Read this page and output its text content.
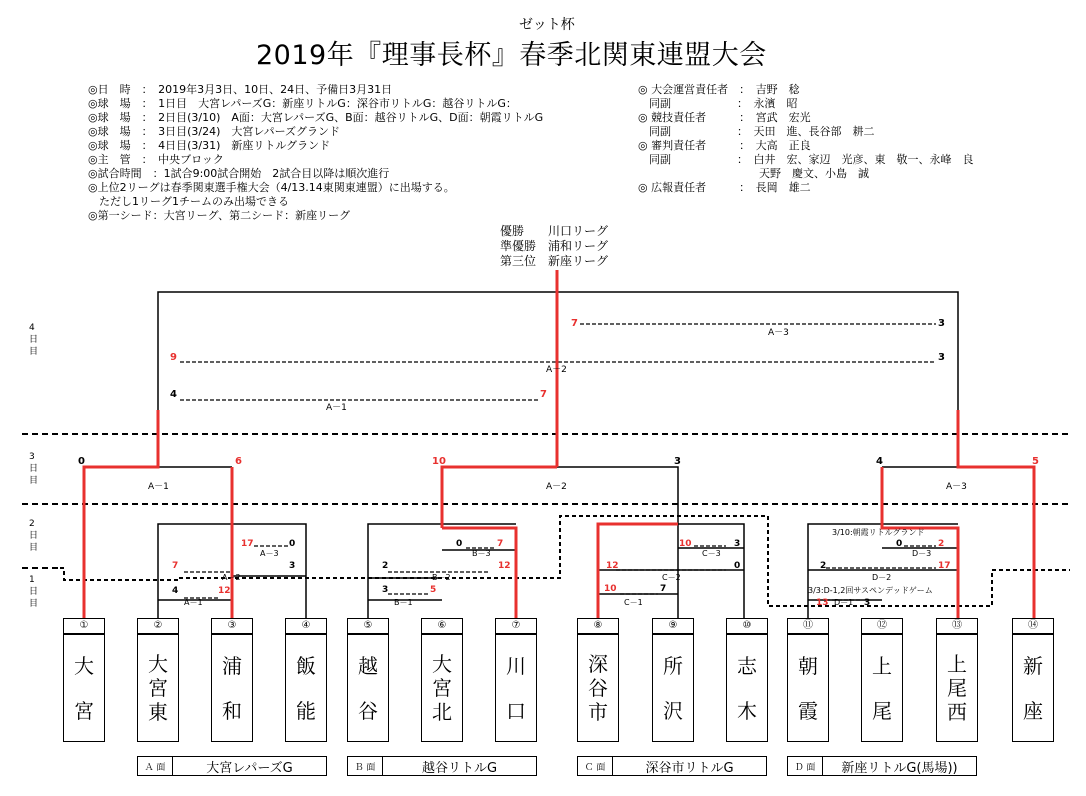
ゼット杯
2019年『理事長杯』春季北関東連盟大会
◎日　時　：　2019年3月3日、10日、24日、予備日3月31日
◎球　場　：　1日目　大宮レパーズG：新座リトルG：深谷市リトルG：越谷リトルG：
◎球　場　：　2日目(3/10)　A面：大宮レパーズG、B面：越谷リトルG、D面：朝霞リトルG
◎球　場　：　3日目(3/24)　大宮レパーズグランド
◎球　場　：　4日目(3/31)　新座リトルグランド
◎主　管　：　中央ブロック
◎試合時間　：1試合9:00試合開始　2試合目以降は順次進行
◎上位2リーグは春季関東選手権大会（4/13.14東関東連盟）に出場する。
　ただし1リーグ1チームのみ出場できる
◎第一シード：大宮リーグ、第二シード：新座リーグ
◎ 大会運営責任者　：　吉野　稔
　同副　　　　　　：　永濱　昭
◎ 競技責任者　　　：　宮武　宏光
　同副　　　　　　：　天田　進、長谷部　耕二
◎ 審判責任者　　　：　大高　正良
　同副　　　　　　：　白井　宏、家辺　光彦、東　敬一、永峰　良
　　　　　　　　　　　天野　慶文、小島　誠
◎ 広報責任者　　　：　長岡　雄二
優勝　　川口リーグ
準優勝　浦和リーグ
第三位　新座リーグ
4
日
目
3
日
目
2
日
目
1
日
目
7	3
9	3
4	7
A－3
A－2
A－1
0	6	10	3	4	5
A－1	A－2	A－3
17	0
7	3
4	12
A－3
A－2
A－1
0	7
2	12
3	5
B－3
B－2
B－1
10	3
12	0
10	7
C－3
C－2
C－1
3/10:朝霞リトルグランド
3/3:D-1,2回サスペンデッドゲーム
0	2
2	17
13	3
D－3
D－2
D－1
①	②	③	④	⑤	⑥	⑦	⑧	⑨	⑩	⑪	⑫	⑬	⑭
大
宮
大
宮
東
浦
和
飯
能
越
谷
大
宮
北
川
口
深
谷
市
所
沢
志
木
朝
霞
上
尾
上
尾
西
新
座
Ａ 面	大宮レパーズG	Ｂ 面	越谷リトルG	Ｃ 面	深谷市リトルG	Ｄ 面	新座リトルG(馬場))
